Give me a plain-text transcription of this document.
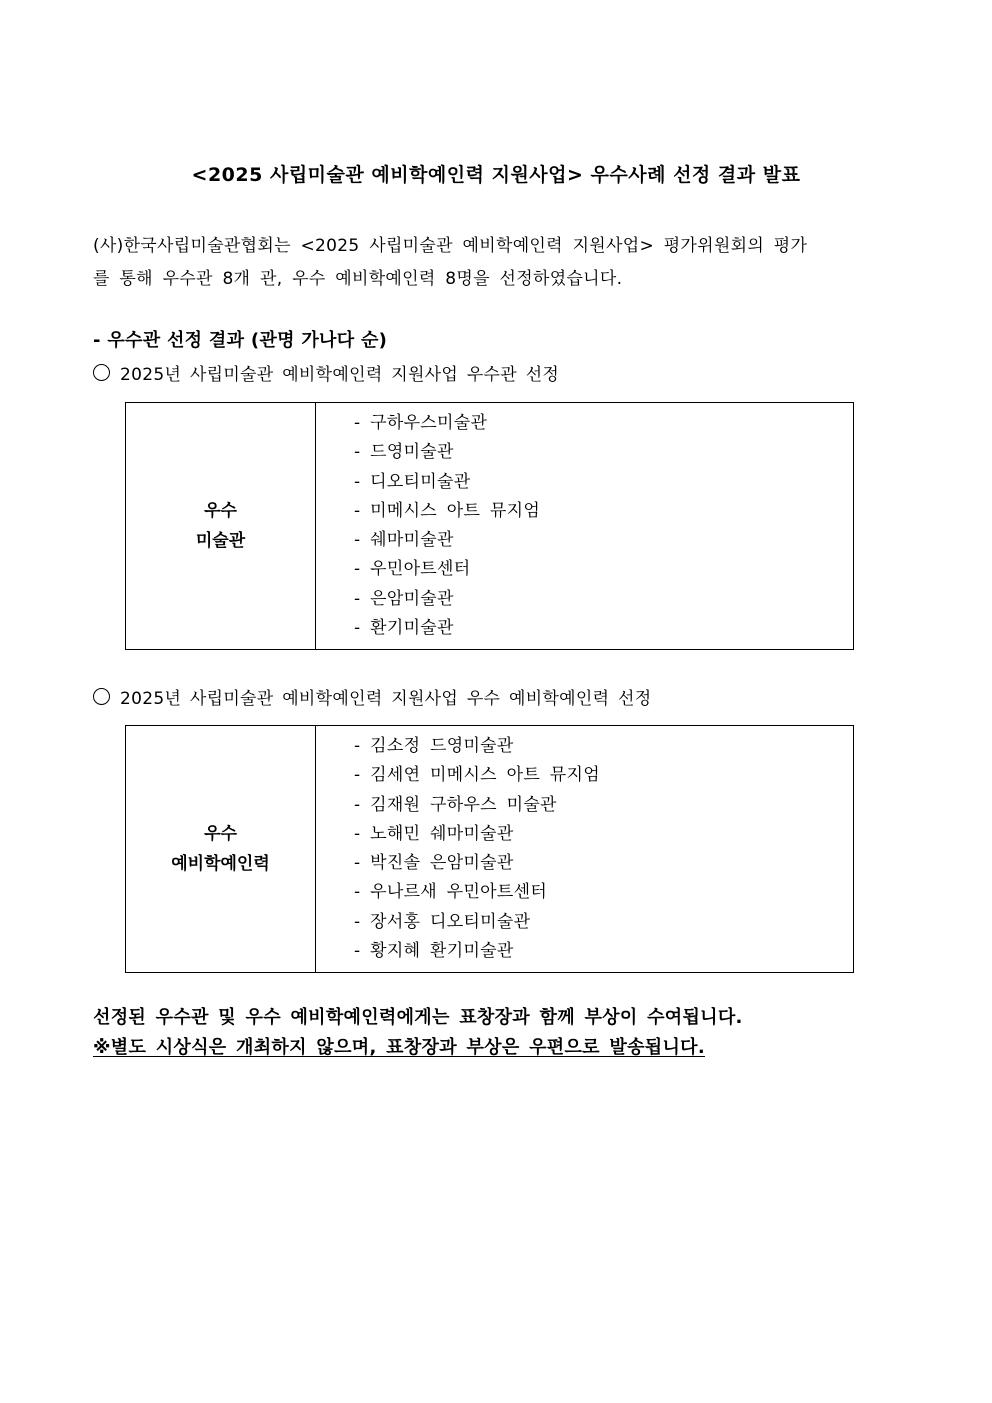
<2025 사립미술관 예비학예인력 지원사업> 우수사례 선정 결과 발표
(사)한국사립미술관협회는 <2025 사립미술관 예비학예인력 지원사업> 평가위원회의 평가
를 통해 우수관 8개 관, 우수 예비학예인력 8명을 선정하였습니다.
- 우수관 선정 결과 (관명 가나다 순)
2025년 사립미술관 예비학예인력 지원사업 우수관 선정
우수
미술관

- 구하우스미술관
- 드영미술관
- 디오티미술관
- 미메시스 아트 뮤지엄
- 쉐마미술관
- 우민아트센터
- 은암미술관
- 환기미술관
2025년 사립미술관 예비학예인력 지원사업 우수 예비학예인력 선정
우수
예비학예인력

- 김소정 드영미술관
- 김세연 미메시스 아트 뮤지엄
- 김재원 구하우스 미술관
- 노해민 쉐마미술관
- 박진솔 은암미술관
- 우나르새 우민아트센터
- 장서홍 디오티미술관
- 황지혜 환기미술관
선정된 우수관 및 우수 예비학예인력에게는 표창장과 함께 부상이 수여됩니다.
※별도 시상식은 개최하지 않으며, 표창장과 부상은 우편으로 발송됩니다.
